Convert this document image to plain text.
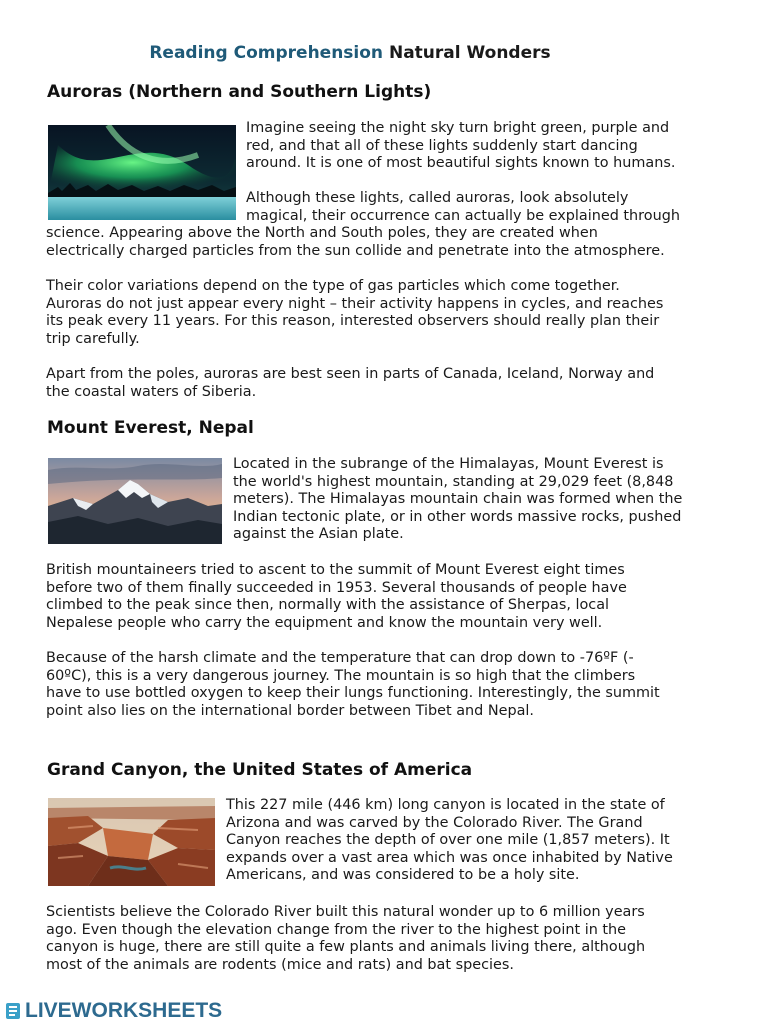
Reading Comprehension Natural Wonders
Auroras (Northern and Southern Lights)

Imagine seeing the night sky turn bright green, purple and
red, and that all of these lights suddenly start dancing
around. It is one of most beautiful sights known to humans.

Although these lights, called auroras, look absolutely
magical, their occurrence can actually be explained through
science. Appearing above the North and South poles, they are created when
electrically charged particles from the sun collide and penetrate into the atmosphere.

Their color variations depend on the type of gas particles which come together.
Auroras do not just appear every night – their activity happens in cycles, and reaches
its peak every 11 years. For this reason, interested observers should really plan their
trip carefully.

Apart from the poles, auroras are best seen in parts of Canada, Iceland, Norway and
the coastal waters of Siberia.

Mount Everest, Nepal

Located in the subrange of the Himalayas, Mount Everest is
the world's highest mountain, standing at 29,029 feet (8,848
meters). The Himalayas mountain chain was formed when the
Indian tectonic plate, or in other words massive rocks, pushed
against the Asian plate.

British mountaineers tried to ascent to the summit of Mount Everest eight times
before two of them finally succeeded in 1953. Several thousands of people have
climbed to the peak since then, normally with the assistance of Sherpas, local
Nepalese people who carry the equipment and know the mountain very well.

Because of the harsh climate and the temperature that can drop down to -76ºF (-
60ºC), this is a very dangerous journey. The mountain is so high that the climbers
have to use bottled oxygen to keep their lungs functioning. Interestingly, the summit
point also lies on the international border between Tibet and Nepal.

Grand Canyon, the United States of America

This 227 mile (446 km) long canyon is located in the state of
Arizona and was carved by the Colorado River. The Grand
Canyon reaches the depth of over one mile (1,857 meters). It
expands over a vast area which was once inhabited by Native
Americans, and was considered to be a holy site.

Scientists believe the Colorado River built this natural wonder up to 6 million years
ago. Even though the elevation change from the river to the highest point in the
canyon is huge, there are still quite a few plants and animals living there, although
most of the animals are rodents (mice and rats) and bat species.

LIVEWORKSHEETS
